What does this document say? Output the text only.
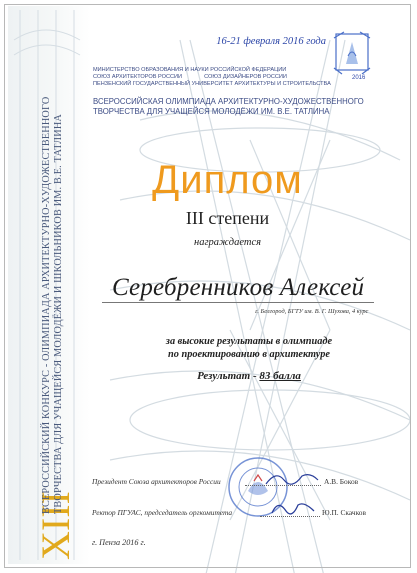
XIII
ВСЕРОССИЙСКИЙ КОНКУРС - ОЛИМПИАДА АРХИТЕКТУРНО-ХУДОЖЕСТВЕННОГО ТВОРЧЕСТВА ДЛЯ УЧАЩЕЙСЯ МОЛОДЁЖИ И ШКОЛЬНИКОВ ИМ. В.Е. ТАТЛИНА
16-21 февраля 2016 года
2016
МИНИСТЕРСТВО ОБРАЗОВАНИЯ И НАУКИ РОССИЙСКОЙ ФЕДЕРАЦИИ
СОЮЗ АРХИТЕКТОРОВ РОССИИ	СОЮЗ ДИЗАЙНЕРОВ РОССИИ
ПЕНЗЕНСКИЙ ГОСУДАРСТВЕННЫЙ УНИВЕРСИТЕТ АРХИТЕКТУРЫ И СТРОИТЕЛЬСТВА
ВСЕРОССИЙСКАЯ ОЛИМПИАДА АРХИТЕКТУРНО-ХУДОЖЕСТВЕННОГО
ТВОРЧЕСТВА ДЛЯ УЧАЩЕЙСЯ МОЛОДЁЖИ ИМ. В.Е. ТАТЛИНА
Диплом
III степени
награждается
Серебренников Алексей
г. Белгород, БГТУ им. В. Г. Шухова, 4 курс
за высокие результаты в олимпиаде
по проектированию в архитектуре
Результат - 83 балла
Президент Союза архитекторов России	А.В. Боков
Ректор ПГУАС, председатель оргкомитета	Ю.П. Скачков
г. Пенза 2016 г.
